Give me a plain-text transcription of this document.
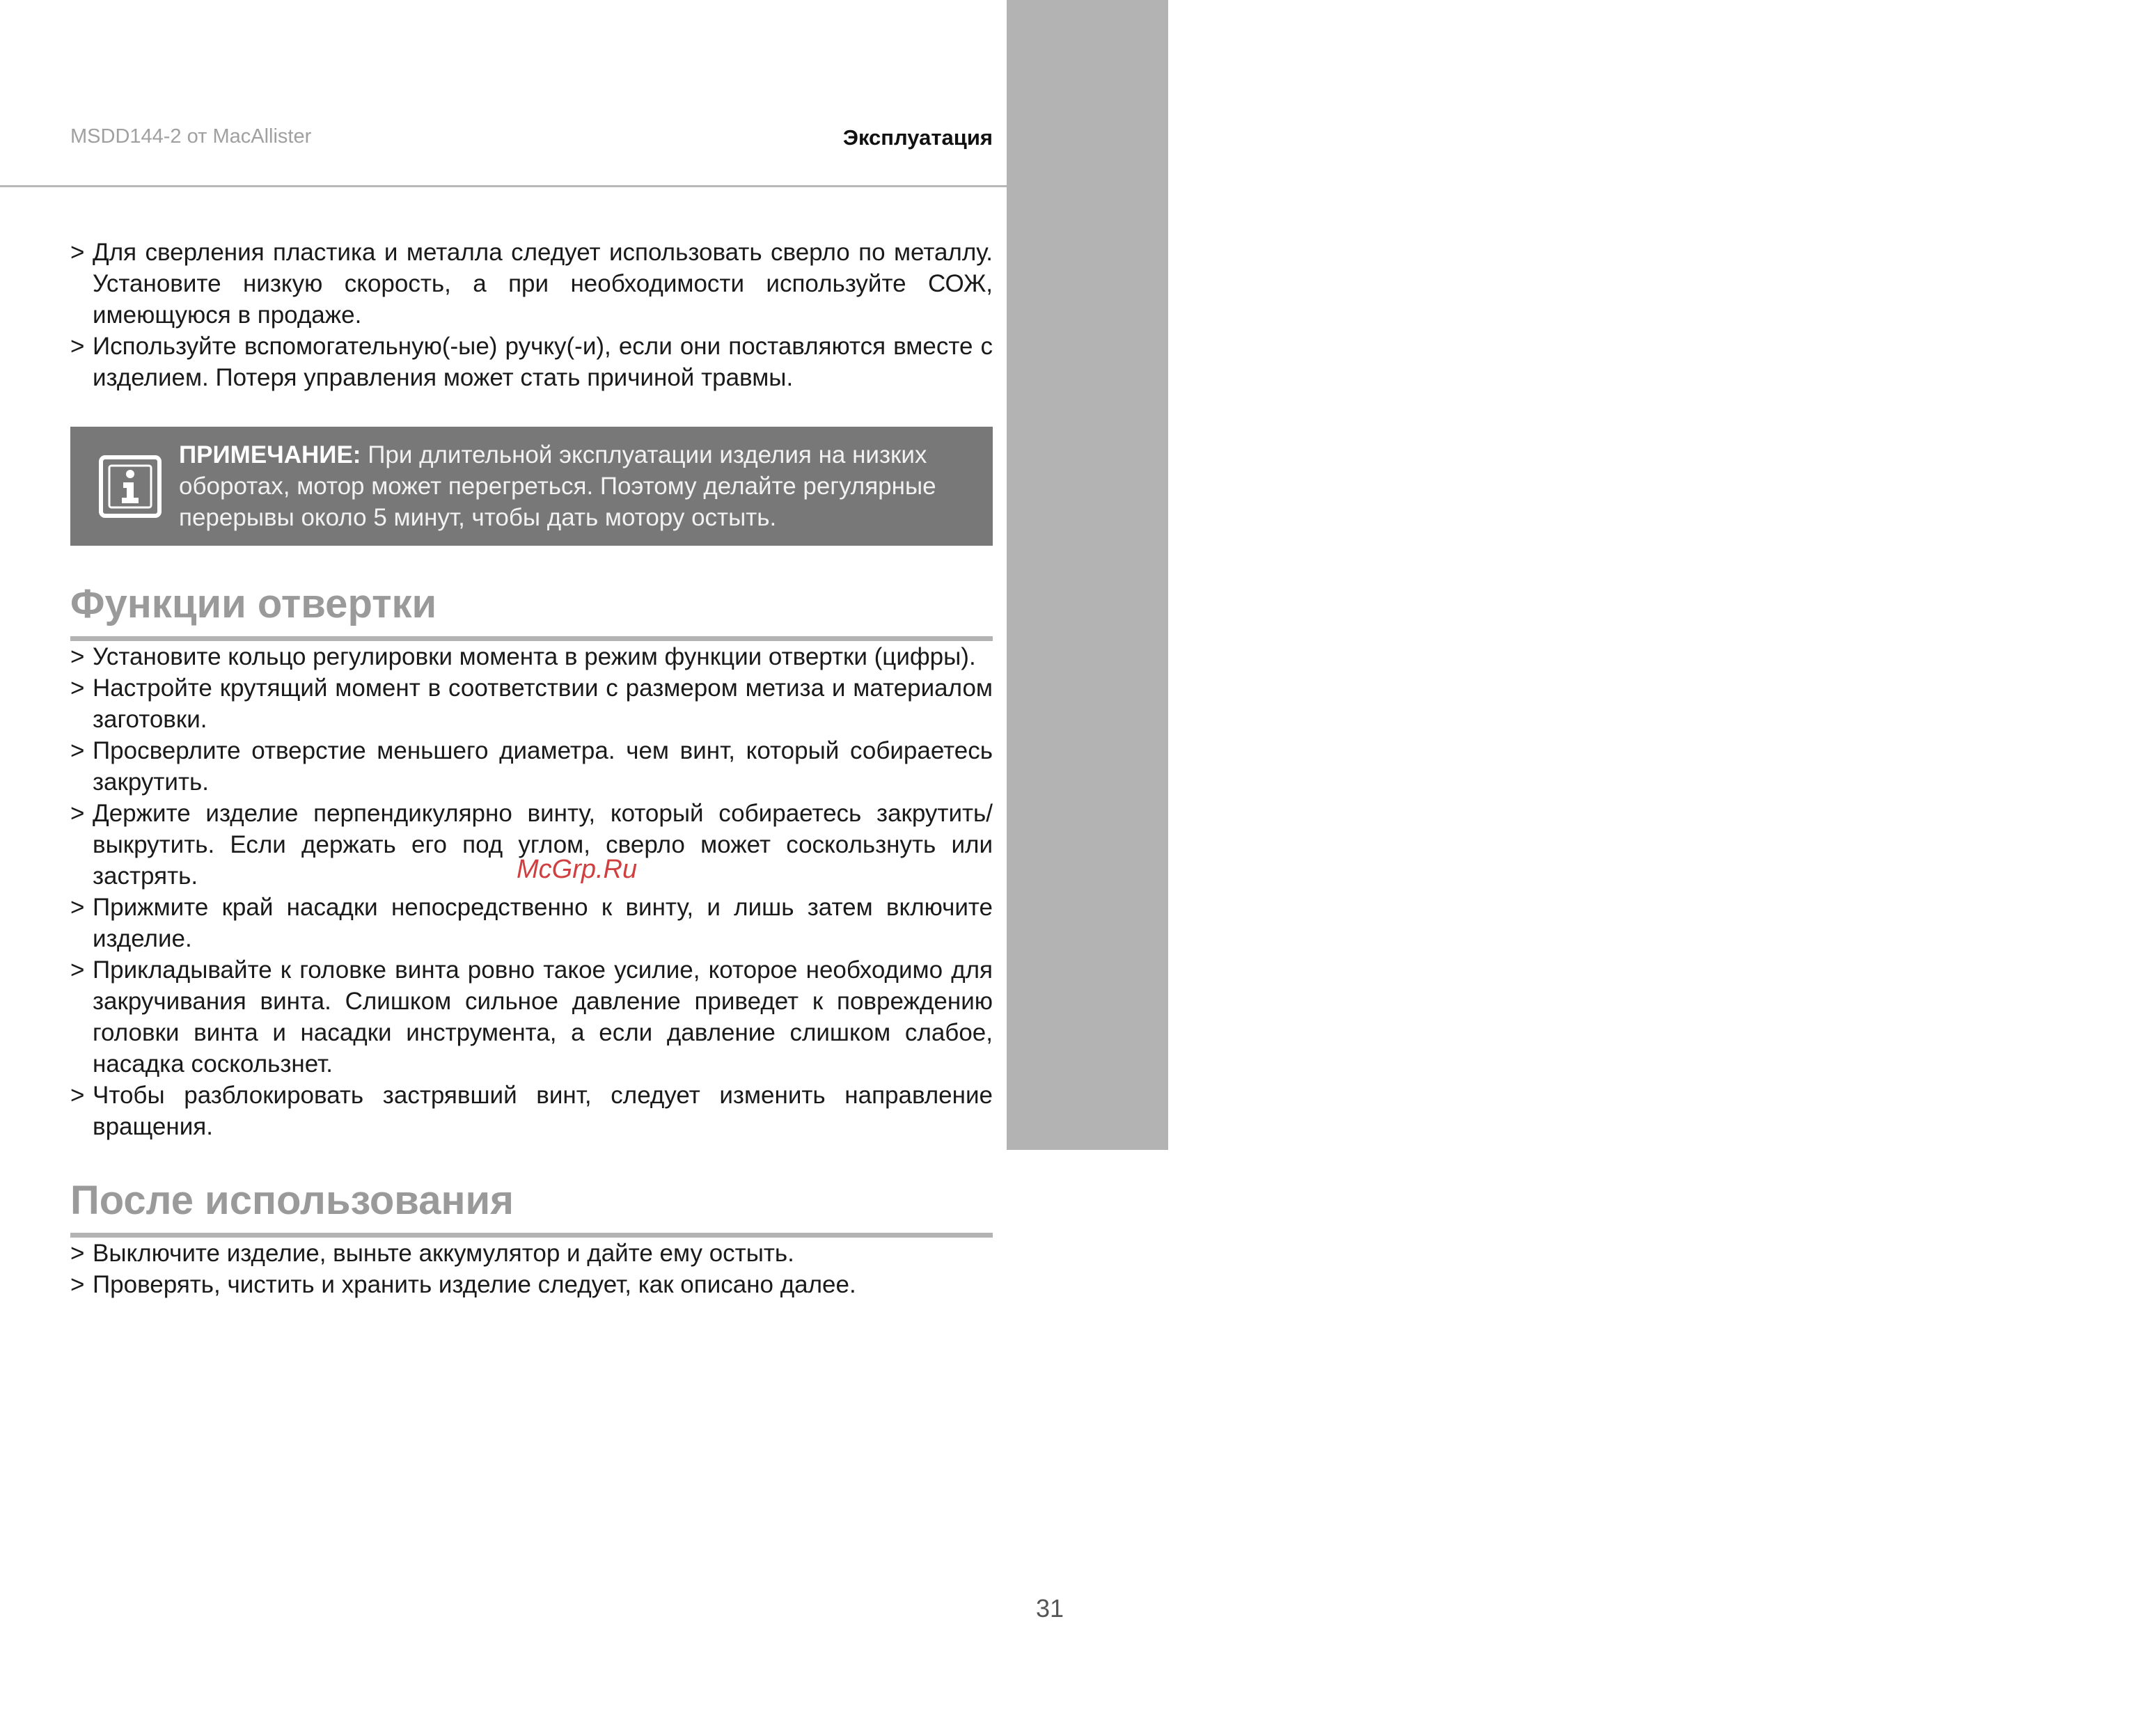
RUS
Подробнее...
MSDD144-2 от MacAllister	Эксплуатация
> Для сверления пластика и металла следует использовать сверло по металлу. Установите низкую скорость, а при необходимости используйте СОЖ, имеющуюся в продаже.
> Используйте вспомогательную(-ые) ручку(-и), если они поставляются вместе с изделием. Потеря управления может стать причиной травмы.
ПРИМЕЧАНИЕ: При длительной эксплуатации изделия на низких оборотах, мотор может перегреться. Поэтому делайте регулярные перерывы около 5 минут, чтобы дать мотору остыть.
Функции отвертки
> Установите кольцо регулировки момента в режим функции отвертки (цифры).
> Настройте крутящий момент в соответствии с размером метиза и материалом заготовки.
> Просверлите отверстие меньшего диаметра. чем винт, который собираетесь закрутить.
> Держите изделие перпендикулярно винту, который собираетесь закрутить/выкрутить. Если держать его под углом, сверло может соскользнуть или застрять.
> Прижмите край насадки непосредственно к винту, и лишь затем включите изделие.
> Прикладывайте к головке винта ровно такое усилие, которое необходимо для закручивания винта. Слишком сильное давление приведет к повреждению головки винта и насадки инструмента, а если давление слишком слабое, насадка соскользнет.
> Чтобы разблокировать застрявший винт, следует изменить направление вращения.
После использования
> Выключите изделие, выньте аккумулятор и дайте ему остыть.
> Проверять, чистить и хранить изделие следует, как описано далее.
McGrp.Ru
31
